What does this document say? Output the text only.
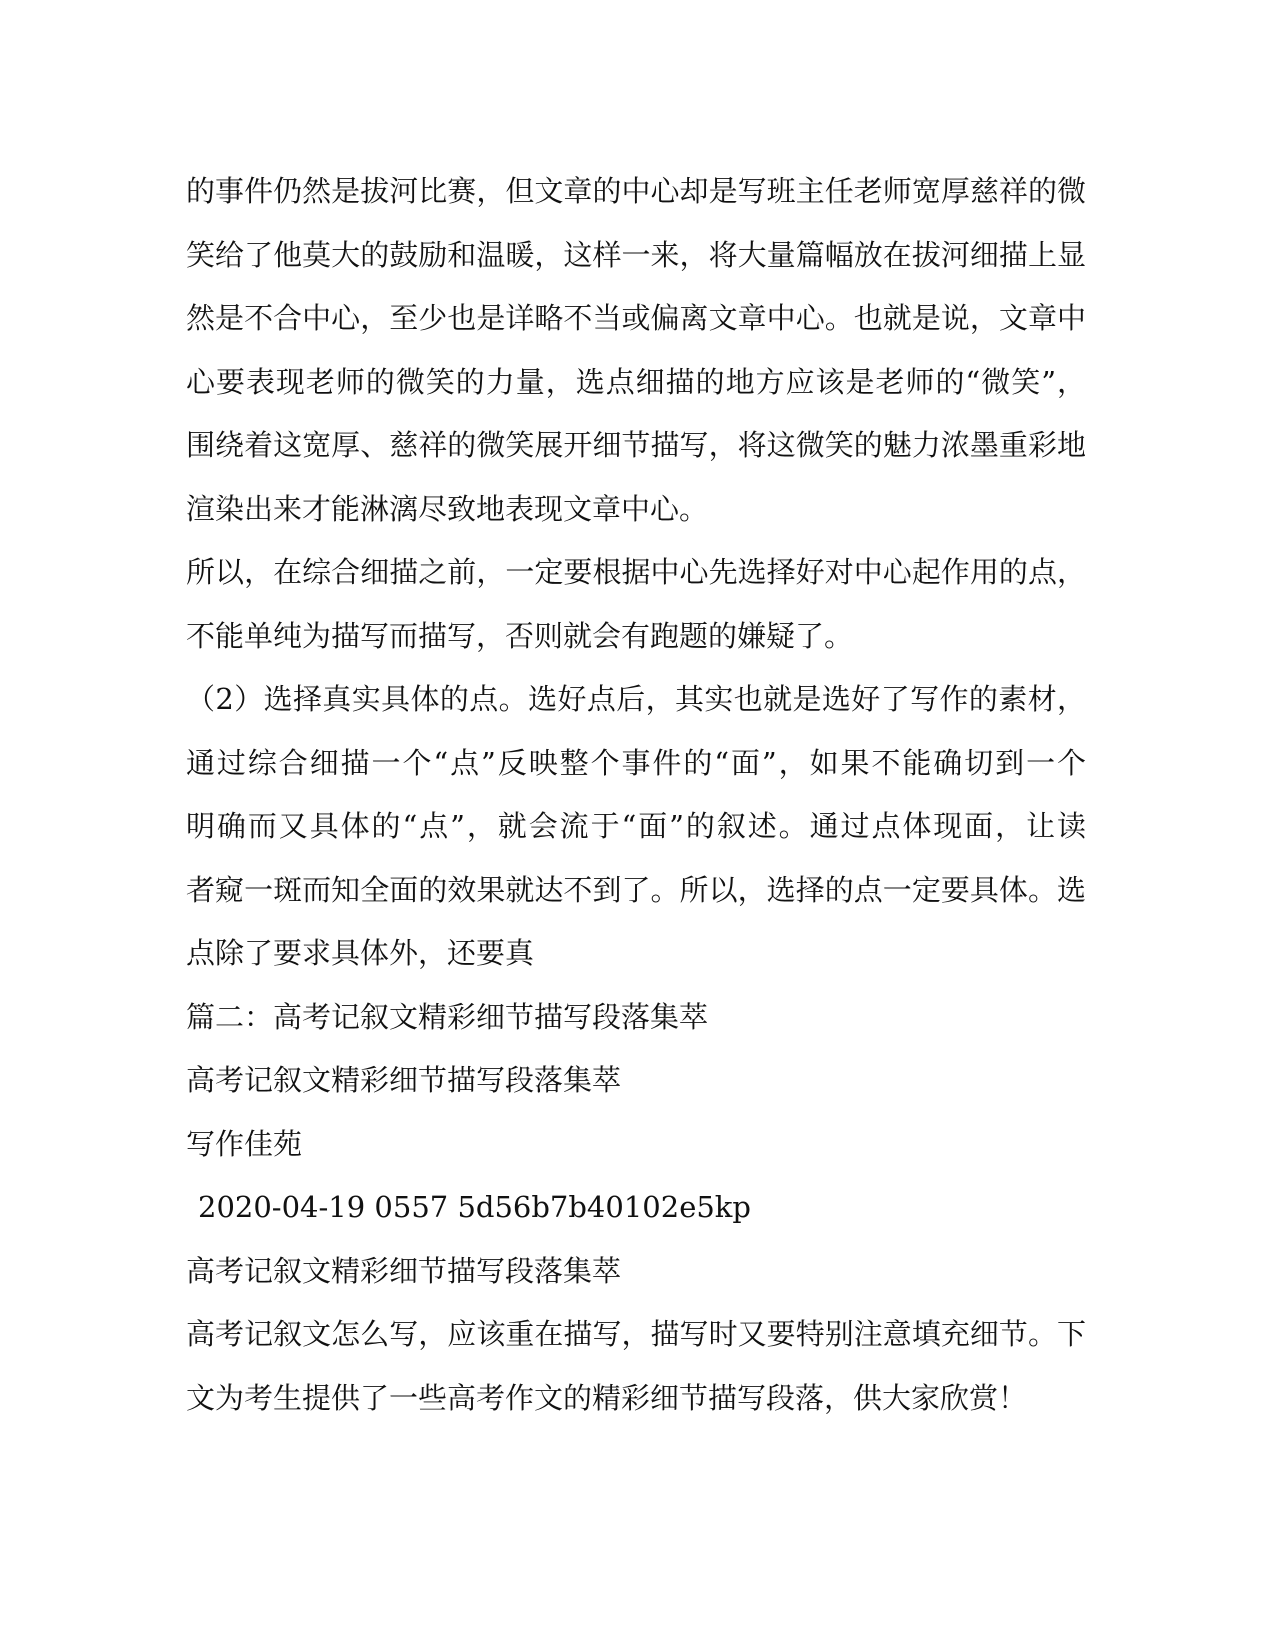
的事件仍然是拔河比赛，但文章的中心却是写班主任老师宽厚慈祥的微

笑给了他莫大的鼓励和温暖，这样一来，将大量篇幅放在拔河细描上显

然是不合中心，至少也是详略不当或偏离文章中心。也就是说，文章中

心要表现老师的微笑的力量，选点细描的地方应该是老师的“微笑”，

围绕着这宽厚、慈祥的微笑展开细节描写，将这微笑的魅力浓墨重彩地

渲染出来才能淋漓尽致地表现文章中心。

所以，在综合细描之前，一定要根据中心先选择好对中心起作用的点，

不能单纯为描写而描写，否则就会有跑题的嫌疑了。

（2）选择真实具体的点。选好点后，其实也就是选好了写作的素材，

通过综合细描一个“点”反映整个事件的“面”，如果不能确切到一个

明确而又具体的“点”，就会流于“面”的叙述。通过点体现面，让读

者窥一斑而知全面的效果就达不到了。所以，选择的点一定要具体。选

点除了要求具体外，还要真

篇二：高考记叙文精彩细节描写段落集萃

高考记叙文精彩细节描写段落集萃

写作佳苑

2020-04-19 0557 5d56b7b40102e5kp

高考记叙文精彩细节描写段落集萃

高考记叙文怎么写，应该重在描写，描写时又要特别注意填充细节。下

文为考生提供了一些高考作文的精彩细节描写段落，供大家欣赏！
